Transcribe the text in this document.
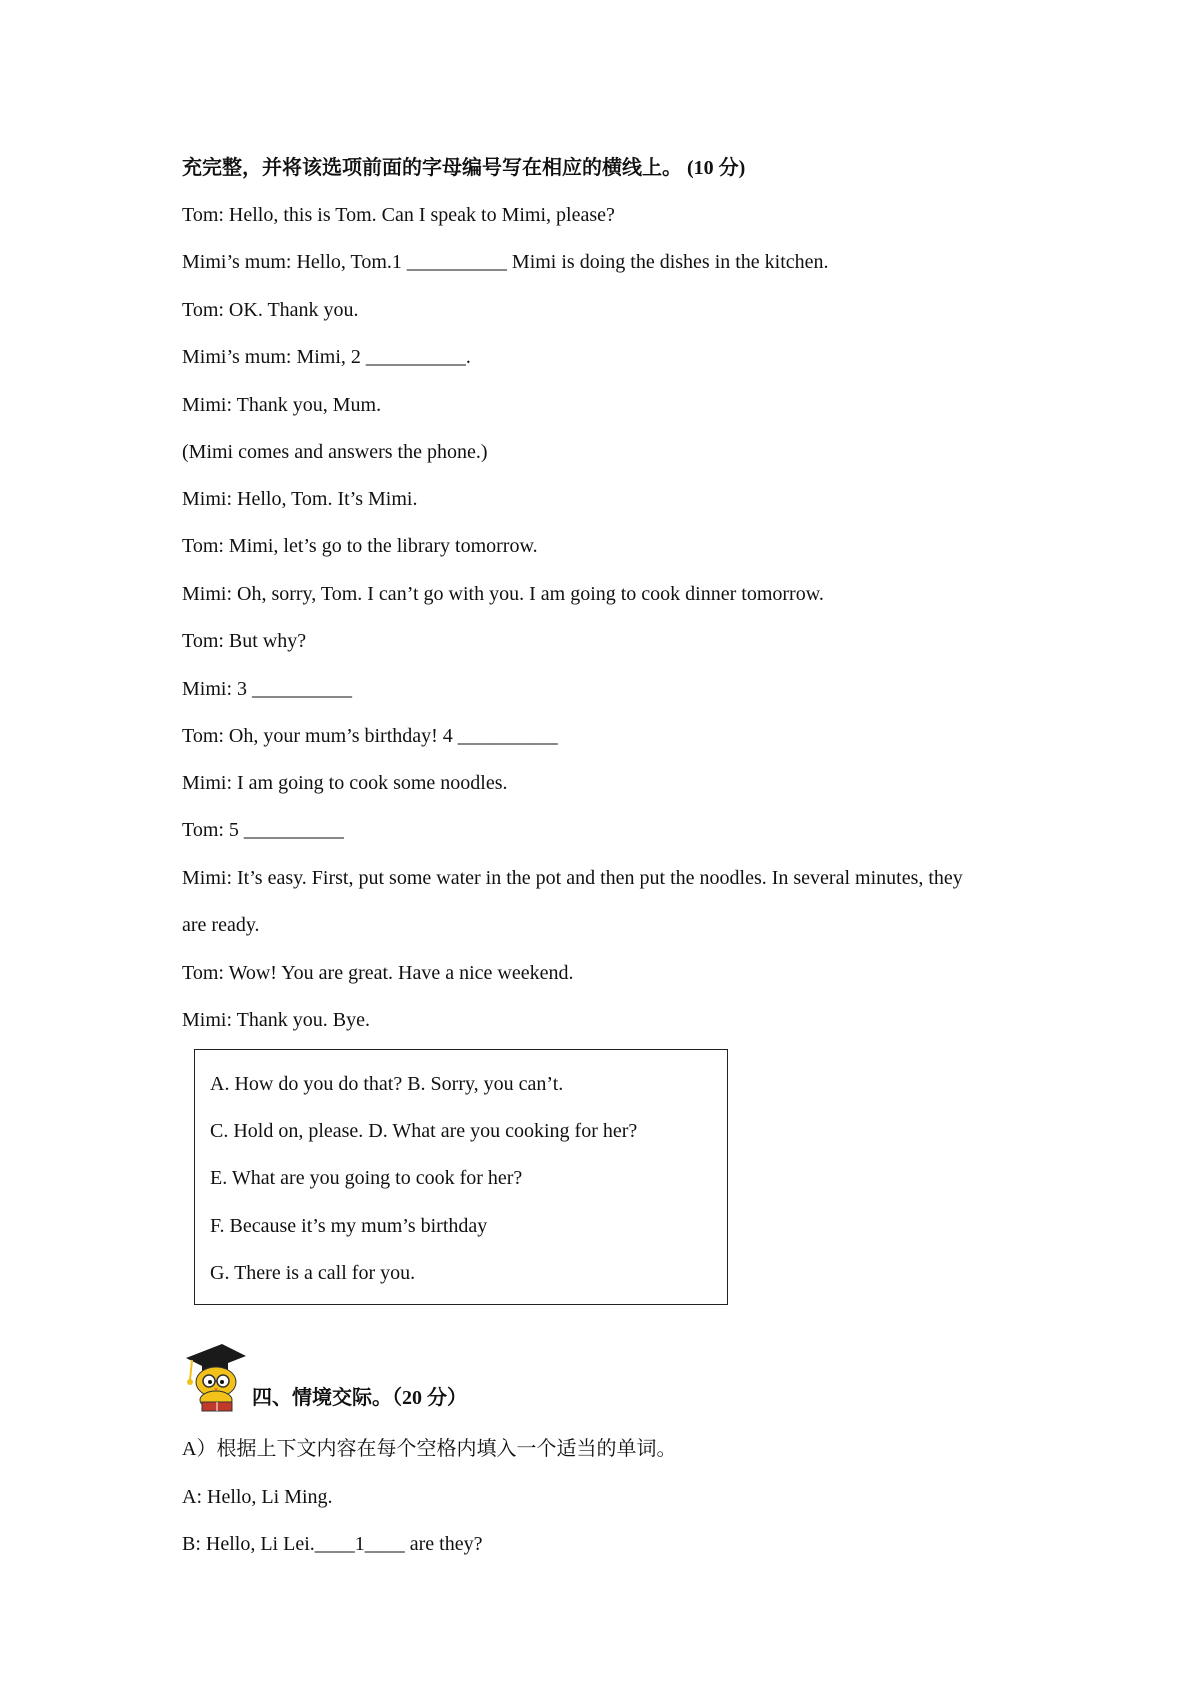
充完整，并将该选项前面的字母编号写在相应的横线上。 (10 分)
Tom: Hello, this is Tom. Can I speak to Mimi, please?
Mimi’s mum: Hello, Tom.1 __________ Mimi is doing the dishes in the kitchen.
Tom: OK. Thank you.
Mimi’s mum: Mimi, 2 __________.
Mimi: Thank you, Mum.
(Mimi comes and answers the phone.)
Mimi: Hello, Tom. It’s Mimi.
Tom: Mimi, let’s go to the library tomorrow.
Mimi: Oh, sorry, Tom. I can’t go with you. I am going to cook dinner tomorrow.
Tom: But why?
Mimi: 3 __________
Tom: Oh, your mum’s birthday! 4 __________
Mimi: I am going to cook some noodles.
Tom: 5 __________
Mimi: It’s easy. First, put some water in the pot and then put the noodles. In several minutes, they
are ready.
Tom: Wow! You are great. Have a nice weekend.
Mimi: Thank you. Bye.
A. How do you do that? B. Sorry, you can’t.
C. Hold on, please. D. What are you cooking for her?
E. What are you going to cook for her?
F. Because it’s my mum’s birthday
G. There is a call for you.
四、情境交际。（20 分）
A）根据上下文内容在每个空格内填入一个适当的单词。
A: Hello, Li Ming.
B: Hello, Li Lei.____1____ are they?
